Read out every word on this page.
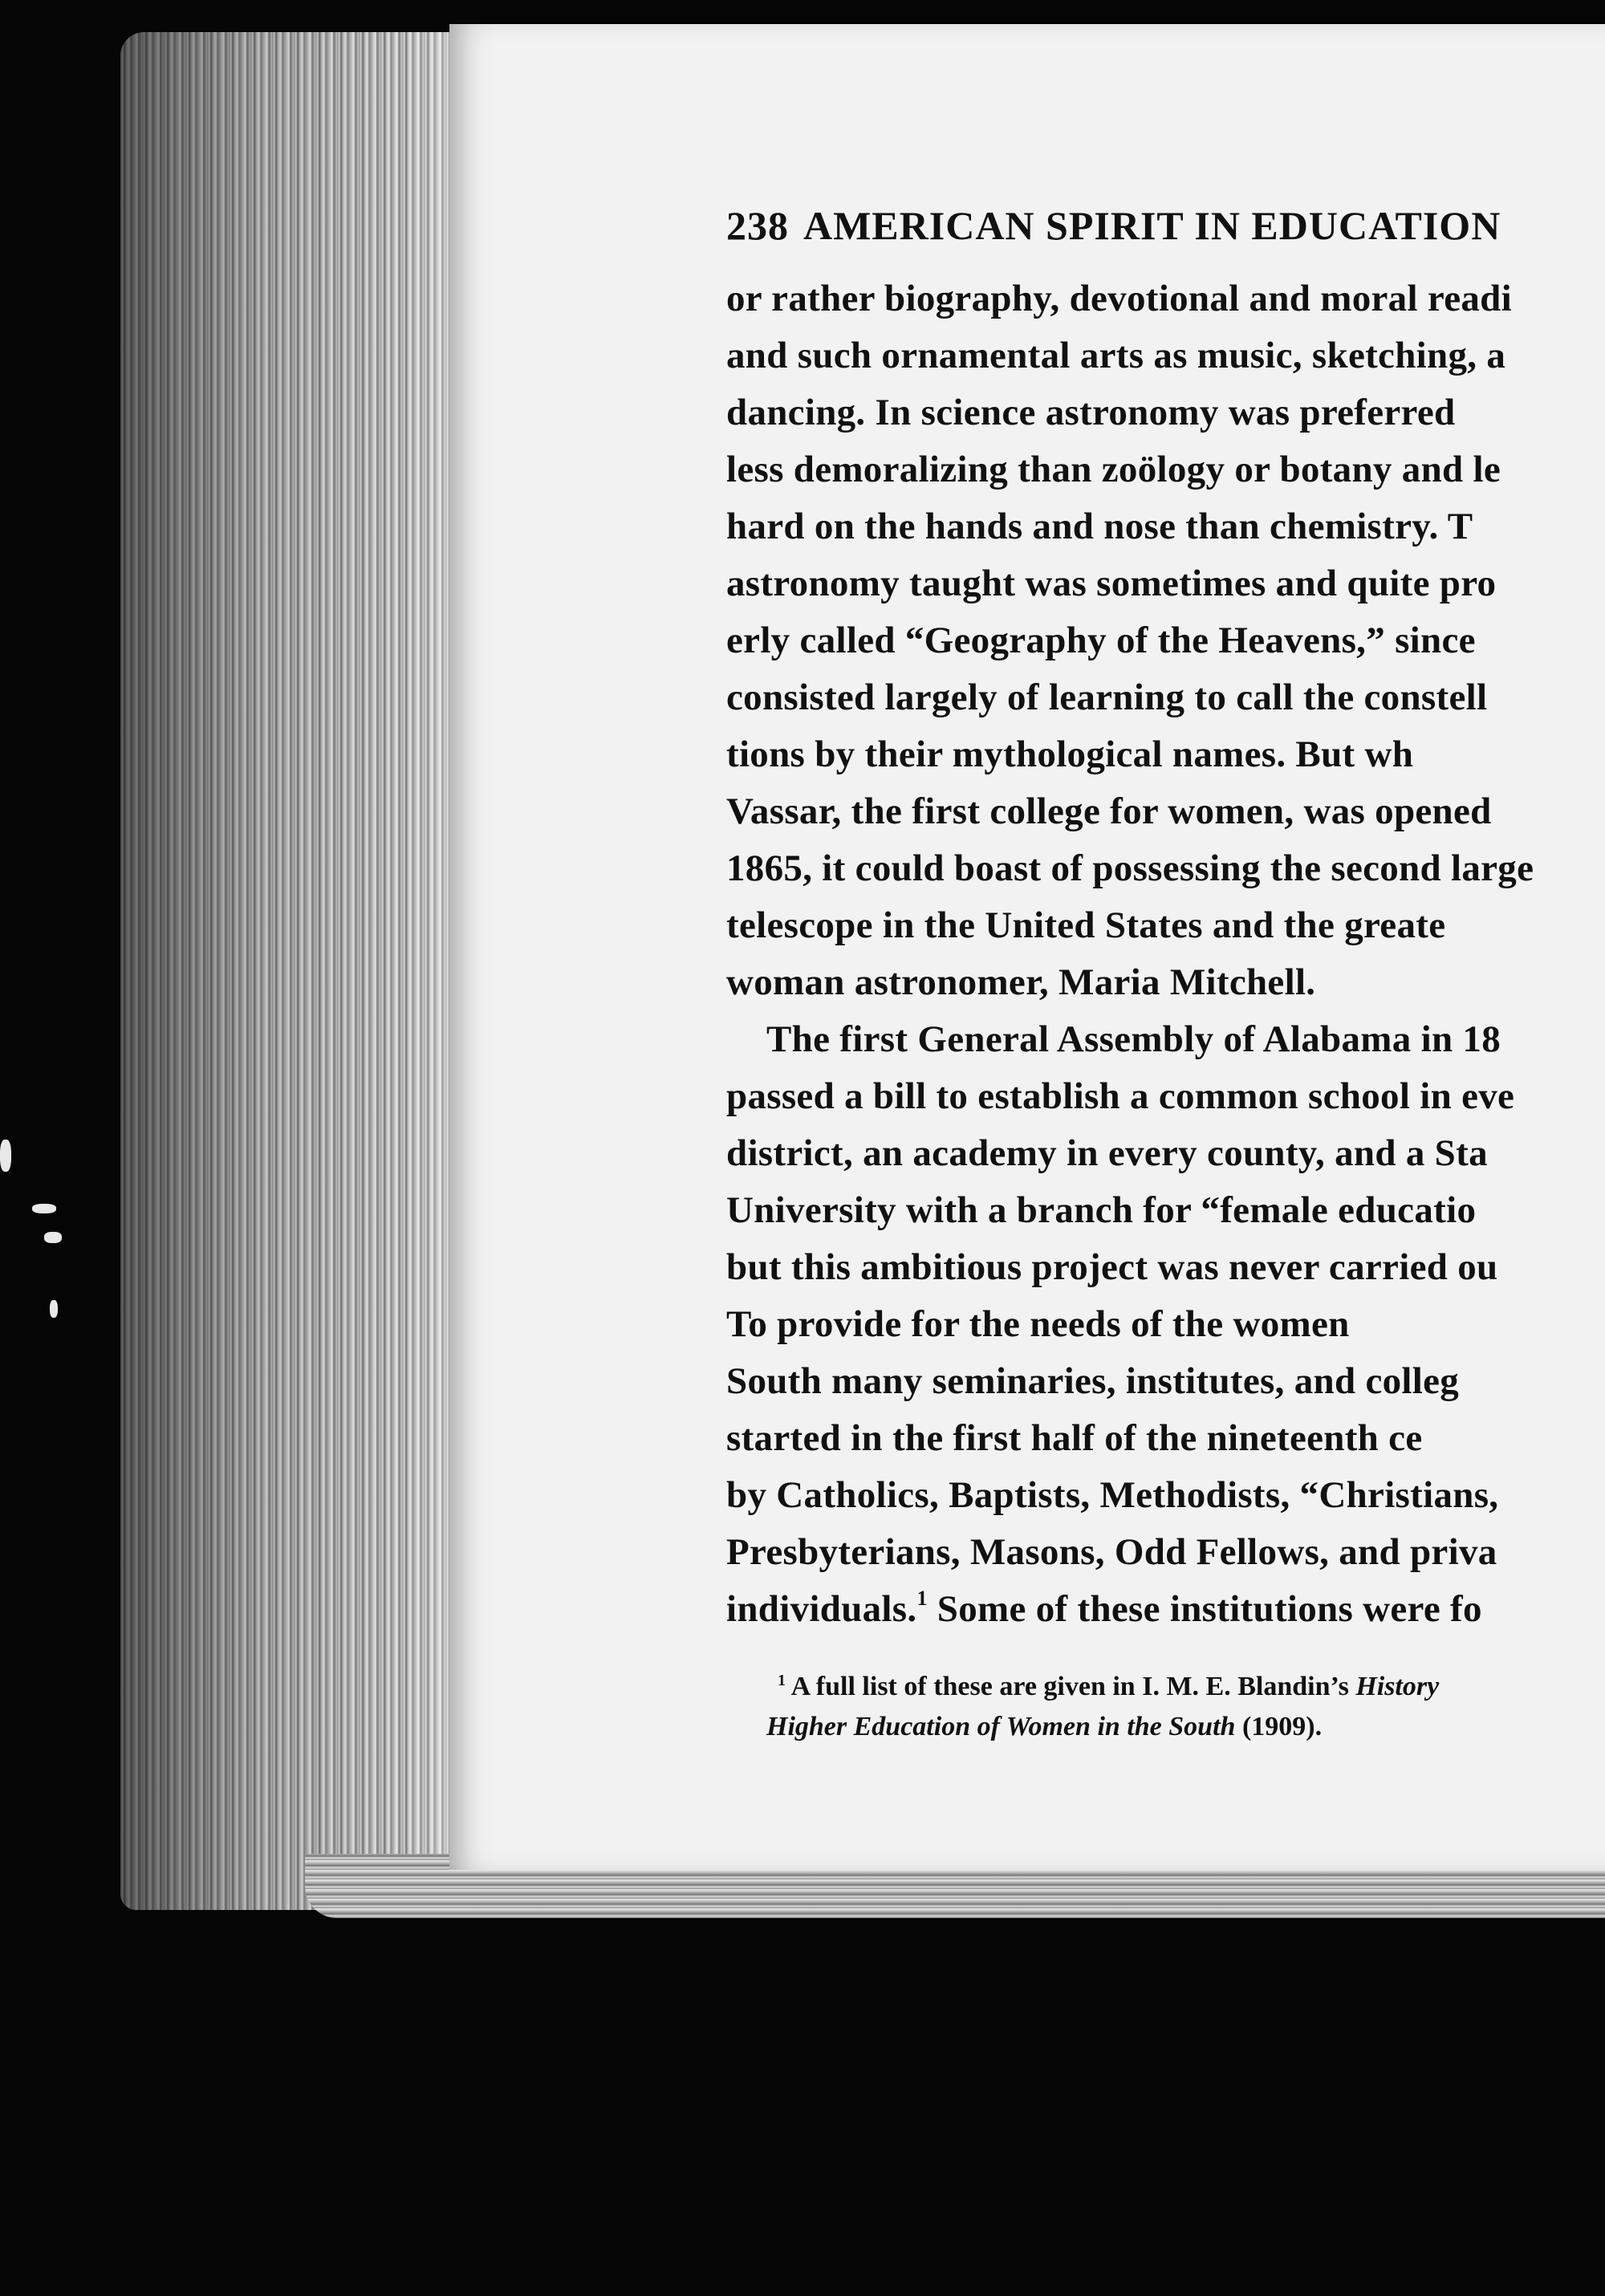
238 AMERICAN SPIRIT IN EDUCATION
or rather biography, devotional and moral readi
and such ornamental arts as music, sketching, a
dancing. In science astronomy was preferred
less demoralizing than zoölogy or botany and le
hard on the hands and nose than chemistry. T
astronomy taught was sometimes and quite pro
erly called “Geography of the Heavens,” since
consisted largely of learning to call the constell
tions by their mythological names. But wh
Vassar, the first college for women, was opened
1865, it could boast of possessing the second large
telescope in the United States and the greate
woman astronomer, Maria Mitchell.
The first General Assembly of Alabama in 18
passed a bill to establish a common school in eve
district, an academy in every county, and a Sta
University with a branch for “female educatio
but this ambitious project was never carried ou
To provide for the needs of the women
South many seminaries, institutes, and colleg
started in the first half of the nineteenth ce
by Catholics, Baptists, Methodists, “Christians,
Presbyterians, Masons, Odd Fellows, and priva
individuals.$^1$ Some of these institutions were fo
$^1$ A full list of these are given in I. M. E. Blandin’s History
Higher Education of Women in the South (1909).
